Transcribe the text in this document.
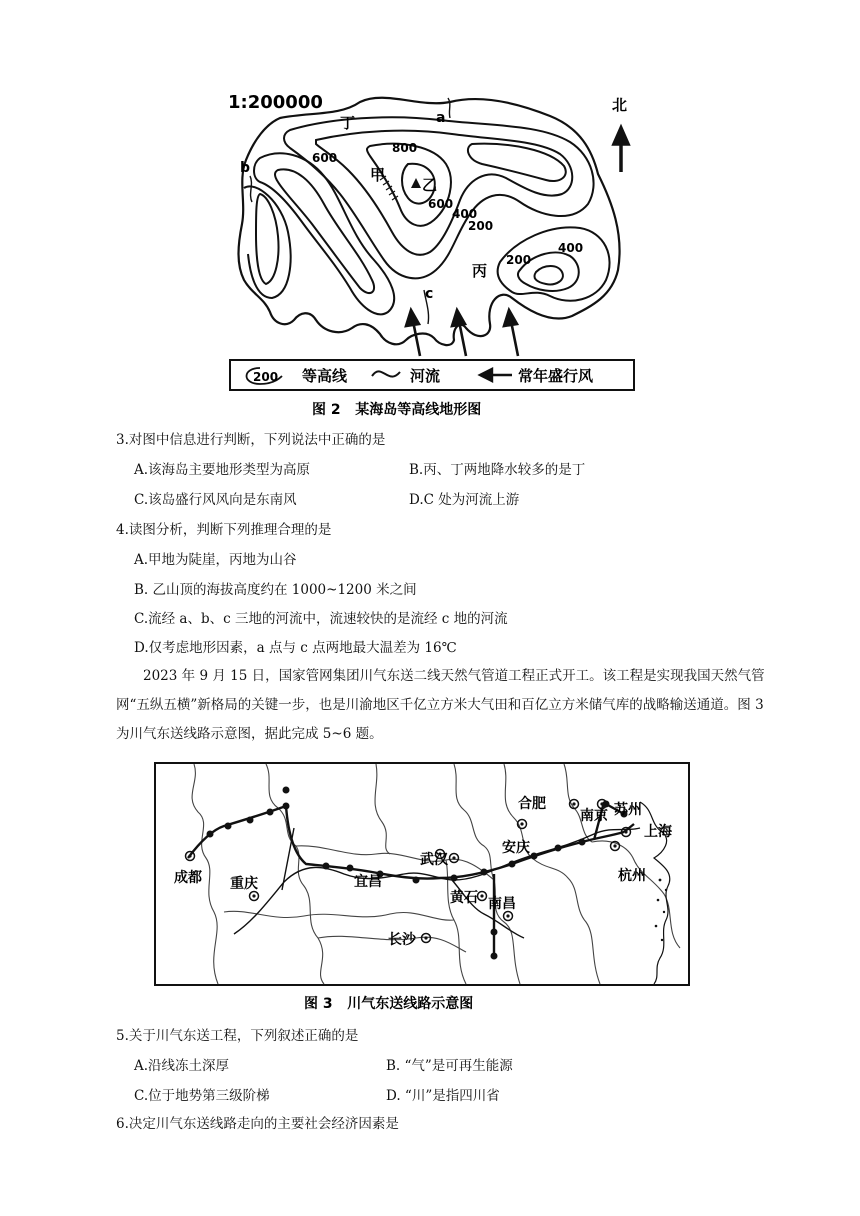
1:200000
丁	a
b
c
甲
乙
丙
600
800
600
400
200
200
400
北
200 等高线	河流	常年盛行风
图 2   某海岛等高线地形图
3.对图中信息进行判断，下列说法中正确的是
A.该海岛主要地形类型为高原	B.丙、丁两地降水较多的是丁
C.该岛盛行风风向是东南风	D.C 处为河流上游
4.读图分析，判断下列推理合理的是
A.甲地为陡崖，丙地为山谷
B. 乙山顶的海拔高度约在 1000~1200 米之间
C.流经 a、b、c 三地的河流中，流速较快的是流经 c 地的河流
D.仅考虑地形因素，a 点与 c 点两地最大温差为 16℃
2023 年 9 月 15 日，国家管网集团川气东送二线天然气管道工程正式开工。该工程是实现我国天然气管网“五纵五横”新格局的关键一步，也是川渝地区千亿立方米大气田和百亿立方米储气库的战略输送通道。图 3 为川气东送线路示意图，据此完成 5~6 题。
合肥
南京 苏州
上海
安庆
武汉
杭州
成都 重庆	宜昌
黄石 南昌
长沙
图 3   川气东送线路示意图
5.关于川气东送工程，下列叙述正确的是
A.沿线冻土深厚	B. “气”是可再生能源
C.位于地势第三级阶梯	D. “川”是指四川省
6.决定川气东送线路走向的主要社会经济因素是
